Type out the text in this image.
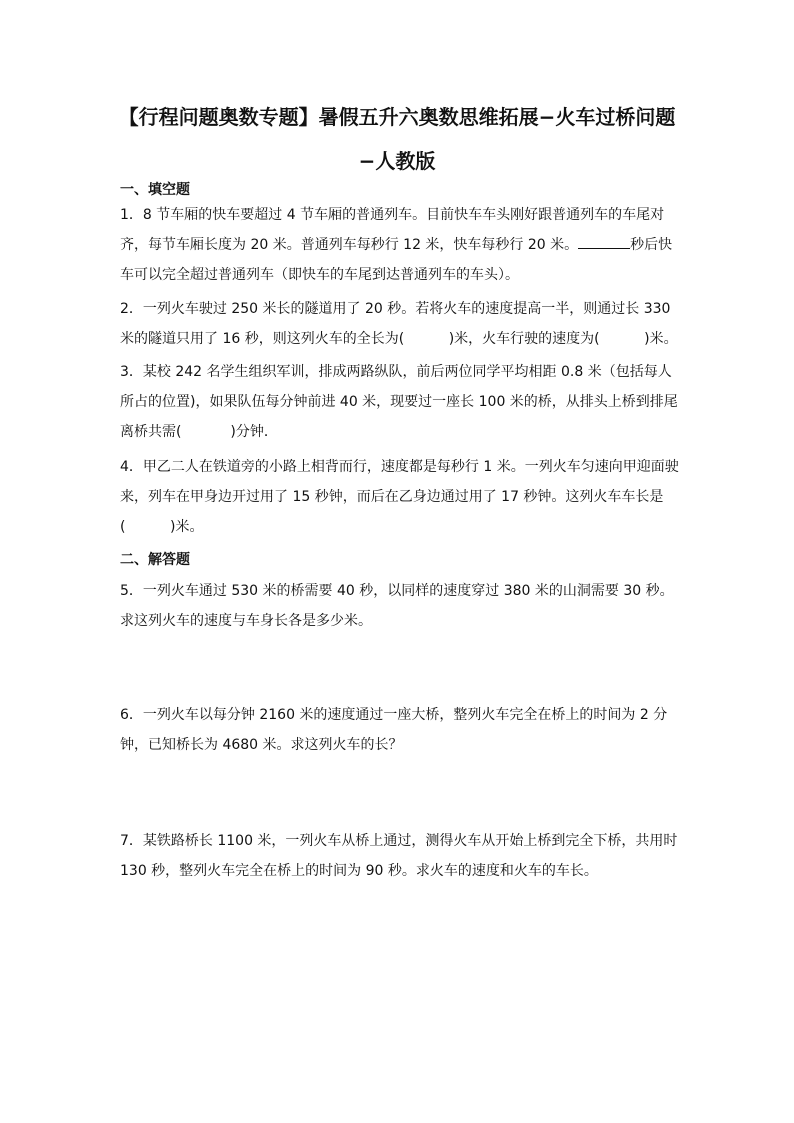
【行程问题奥数专题】暑假五升六奥数思维拓展−火车过桥问题
−人教版
一、填空题
1．8 节车厢的快车要超过 4 节车厢的普通列车。目前快车车头刚好跟普通列车的车尾对齐，每节车厢长度为 20 米。普通列车每秒行 12 米，快车每秒行 20 米。	秒后快车可以完全超过普通列车（即快车的车尾到达普通列车的车头）。
2．一列火车驶过 250 米长的隧道用了 20 秒。若将火车的速度提高一半，则通过长 330 米的隧道只用了 16 秒，则这列火车的全长为(	)米，火车行驶的速度为(	)米。
3．某校 242 名学生组织军训，排成两路纵队，前后两位同学平均相距 0.8 米（包括每人所占的位置)，如果队伍每分钟前进 40 米，现要过一座长 100 米的桥，从排头上桥到排尾离桥共需(	)分钟．
4．甲乙二人在铁道旁的小路上相背而行，速度都是每秒行 1 米。一列火车匀速向甲迎面驶来，列车在甲身边开过用了 15 秒钟，而后在乙身边通过用了 17 秒钟。这列火车车长是
(	)米。
二、解答题
5．一列火车通过 530 米的桥需要 40 秒，以同样的速度穿过 380 米的山洞需要 30 秒。求这列火车的速度与车身长各是多少米。
6．一列火车以每分钟 2160 米的速度通过一座大桥，整列火车完全在桥上的时间为 2 分钟，已知桥长为 4680 米。求这列火车的长？
7．某铁路桥长 1100 米，一列火车从桥上通过，测得火车从开始上桥到完全下桥，共用时 130 秒，整列火车完全在桥上的时间为 90 秒。求火车的速度和火车的车长。
